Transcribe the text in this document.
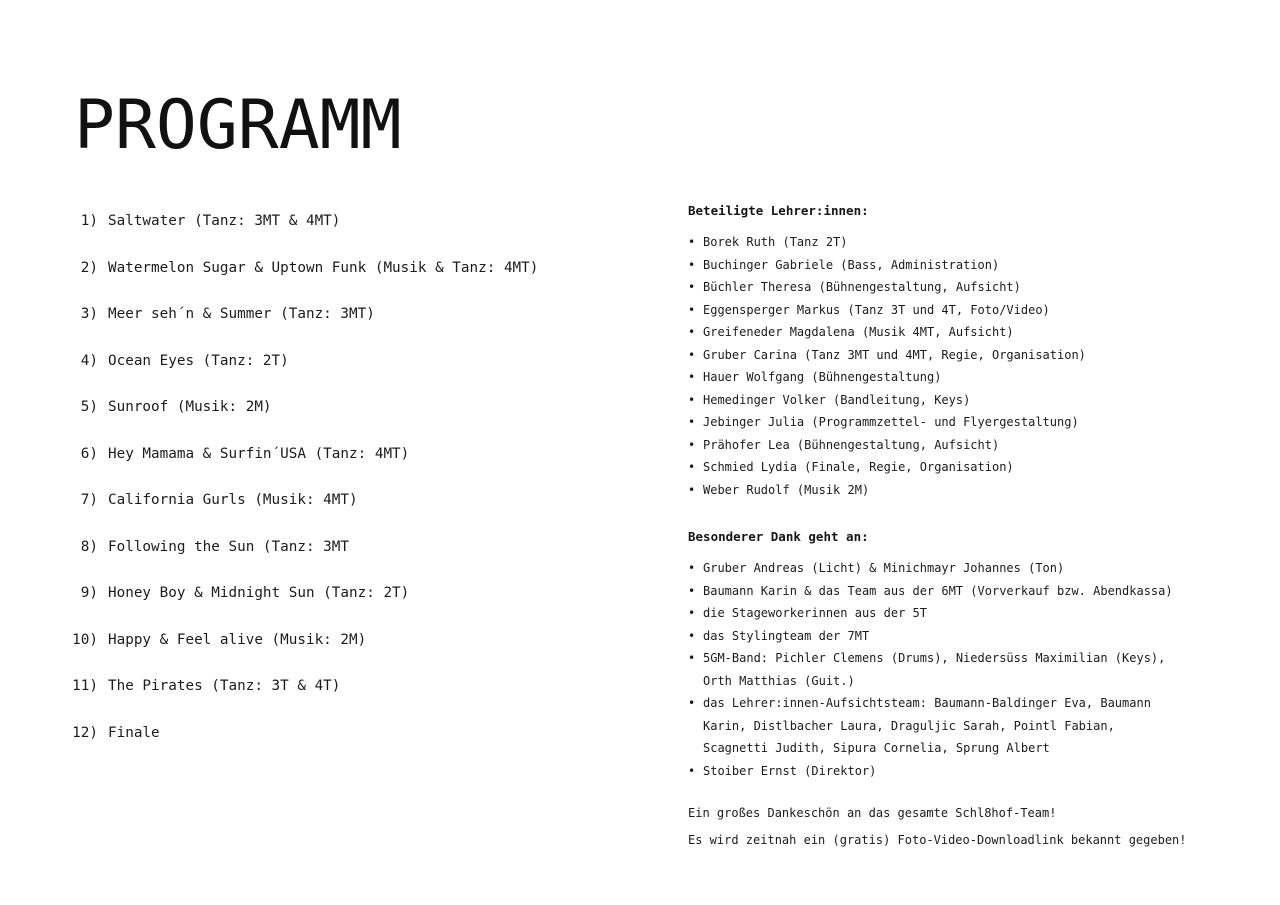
PROGRAMM
1) Saltwater (Tanz: 3MT & 4MT)
2) Watermelon Sugar & Uptown Funk (Musik & Tanz: 4MT)
3) Meer seh´n & Summer (Tanz: 3MT)
4) Ocean Eyes (Tanz: 2T)
5) Sunroof (Musik: 2M)
6) Hey Mamama & Surfin´USA (Tanz: 4MT)
7) California Gurls (Musik: 4MT)
8) Following the Sun (Tanz: 3MT
9) Honey Boy & Midnight Sun (Tanz: 2T)
10) Happy & Feel alive (Musik: 2M)
11) The Pirates (Tanz: 3T & 4T)
12) Finale
Beteiligte Lehrer:innen:
• Borek Ruth (Tanz 2T)
• Buchinger Gabriele (Bass, Administration)
• Büchler Theresa (Bühnengestaltung, Aufsicht)
• Eggensperger Markus (Tanz 3T und 4T, Foto/Video)
• Greifeneder Magdalena (Musik 4MT, Aufsicht)
• Gruber Carina (Tanz 3MT und 4MT, Regie, Organisation)
• Hauer Wolfgang (Bühnengestaltung)
• Hemedinger Volker (Bandleitung, Keys)
• Jebinger Julia (Programmzettel- und Flyergestaltung)
• Prähofer Lea (Bühnengestaltung, Aufsicht)
• Schmied Lydia (Finale, Regie, Organisation)
• Weber Rudolf (Musik 2M)
Besonderer Dank geht an:
• Gruber Andreas (Licht) & Minichmayr Johannes (Ton)
• Baumann Karin & das Team aus der 6MT (Vorverkauf bzw. Abendkassa)
• die Stageworkerinnen aus der 5T
• das Stylingteam der 7MT
• 5GM-Band: Pichler Clemens (Drums), Niedersüss Maximilian (Keys), Orth Matthias (Guit.)
• das Lehrer:innen-Aufsichtsteam: Baumann-Baldinger Eva, Baumann Karin, Distlbacher Laura, Draguljic Sarah, Pointl Fabian, Scagnetti Judith, Sipura Cornelia, Sprung Albert
• Stoiber Ernst (Direktor)

Ein großes Dankeschön an das gesamte Schl8hof-Team!

Es wird zeitnah ein (gratis) Foto-Video-Downloadlink bekannt gegeben!
